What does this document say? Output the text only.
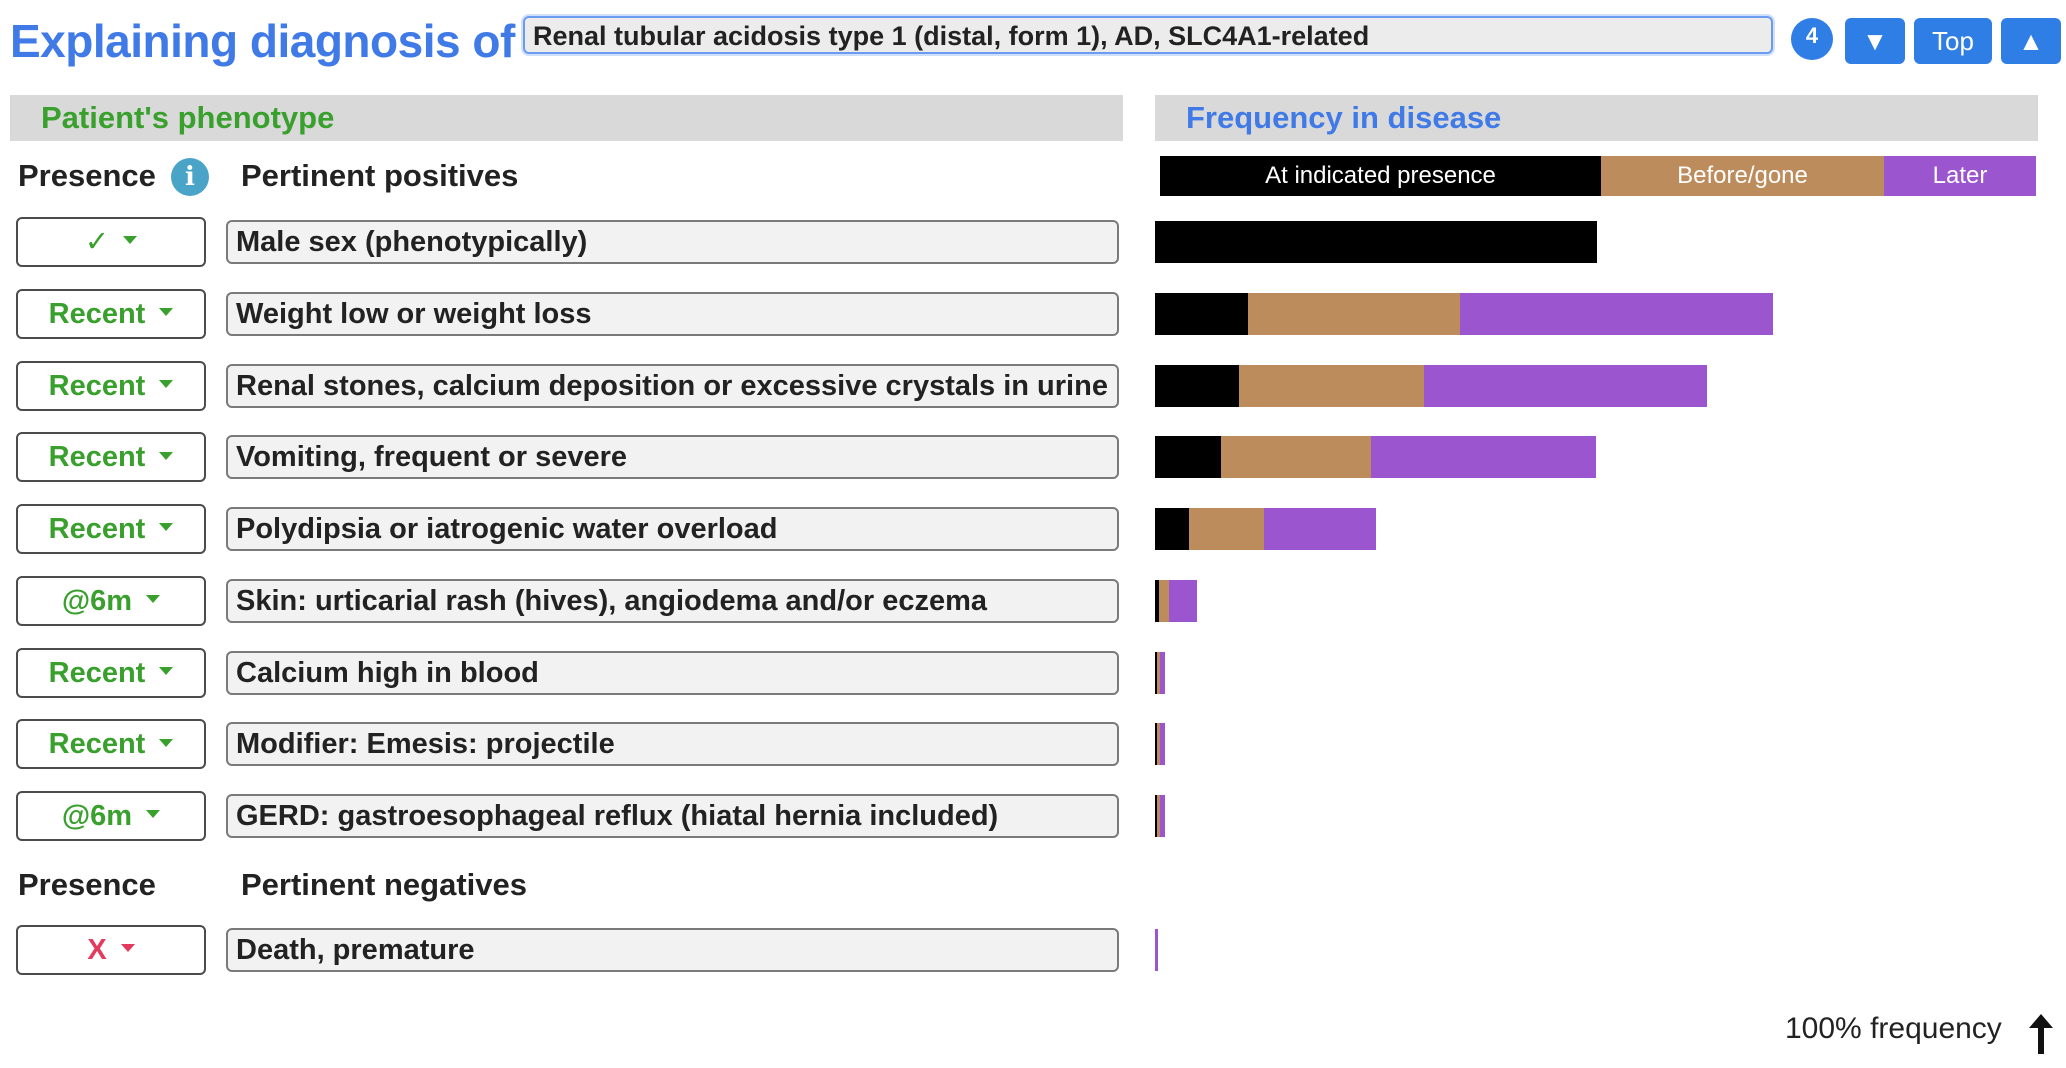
Explaining diagnosis of Renal tubular acidosis type 1 (distal, form 1), AD, SLC4A1-related	4	▼	Top	▲
Patient's phenotype	Frequency in disease
Presence	i	Pertinent positives	At indicated presence	Before/gone	Later
✓	Male sex (phenotypically)
Recent	Weight low or weight loss
Recent	Renal stones, calcium deposition or excessive crystals in urine
Recent	Vomiting, frequent or severe
Recent	Polydipsia or iatrogenic water overload
@6m	Skin: urticarial rash (hives), angiodema and/or eczema
Recent	Calcium high in blood
Recent	Modifier: Emesis: projectile
@6m	GERD: gastroesophageal reflux (hiatal hernia included)
Presence	Pertinent negatives
X	Death, premature
100% frequency
